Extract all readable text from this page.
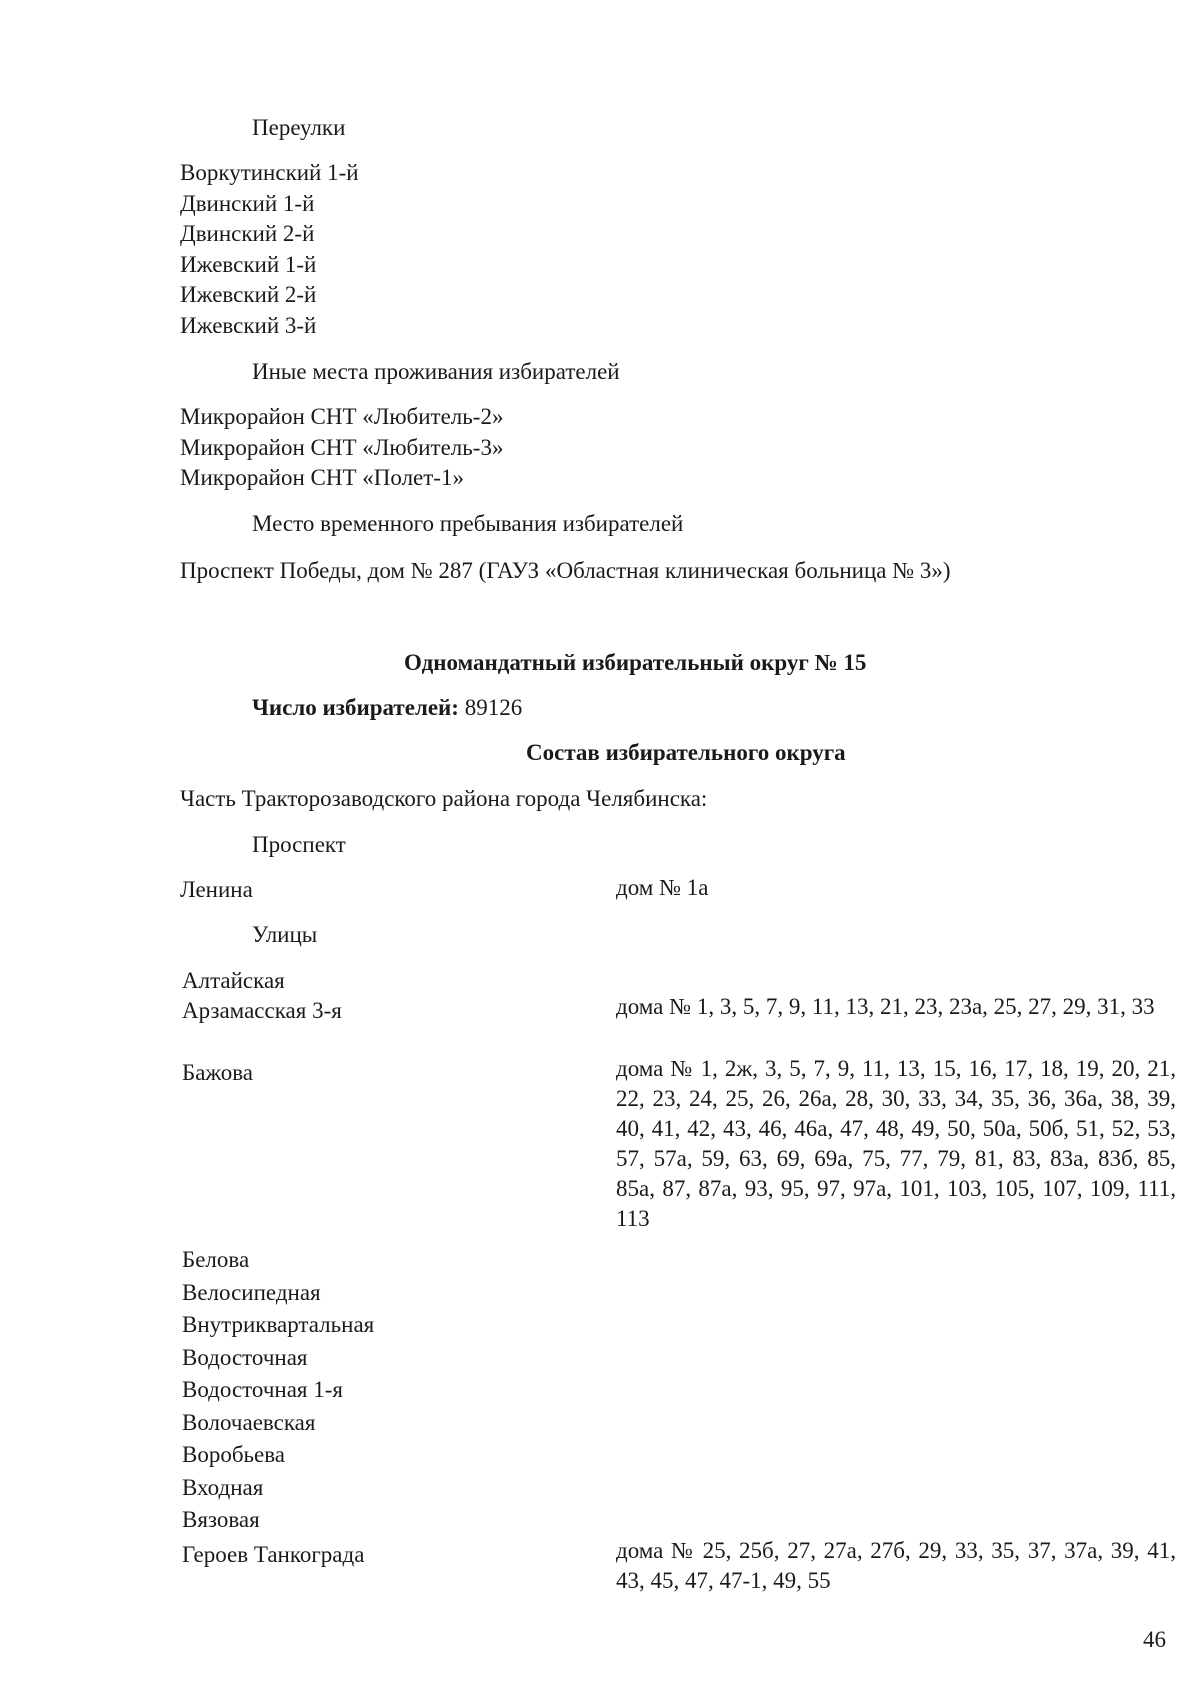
Переулки
Воркутинский 1-й
Двинский 1-й
Двинский 2-й
Ижевский 1-й
Ижевский 2-й
Ижевский 3-й
Иные места проживания избирателей
Микрорайон СНТ «Любитель-2»
Микрорайон СНТ «Любитель-3»
Микрорайон СНТ «Полет-1»
Место временного пребывания избирателей
Проспект Победы, дом № 287 (ГАУЗ «Областная клиническая больница № 3»)
Одномандатный избирательный округ № 15
Число избирателей: 89126
Состав избирательного округа
Часть Тракторозаводского района города Челябинска:
Проспект
Ленина	дом № 1а
Улицы
Алтайская
Арзамасская 3-я	дома № 1, 3, 5, 7, 9, 11, 13, 21, 23, 23а, 25, 27, 29, 31, 33
Бажова	дома № 1, 2ж, 3, 5, 7, 9, 11, 13, 15, 16, 17, 18, 19, 20, 21, 22, 23, 24, 25, 26, 26а, 28, 30, 33, 34, 35, 36, 36а, 38, 39, 40, 41, 42, 43, 46, 46а, 47, 48, 49, 50, 50а, 50б, 51, 52, 53, 57, 57а, 59, 63, 69, 69а, 75, 77, 79, 81, 83, 83а, 83б, 85, 85а, 87, 87а, 93, 95, 97, 97а, 101, 103, 105, 107, 109, 111, 113
Белова
Велосипедная
Внутриквартальная
Водосточная
Водосточная 1-я
Волочаевская
Воробьева
Входная
Вязовая
Героев Танкограда	дома № 25, 25б, 27, 27а, 27б, 29, 33, 35, 37, 37а, 39, 41, 43, 45, 47, 47-1, 49, 55
46
